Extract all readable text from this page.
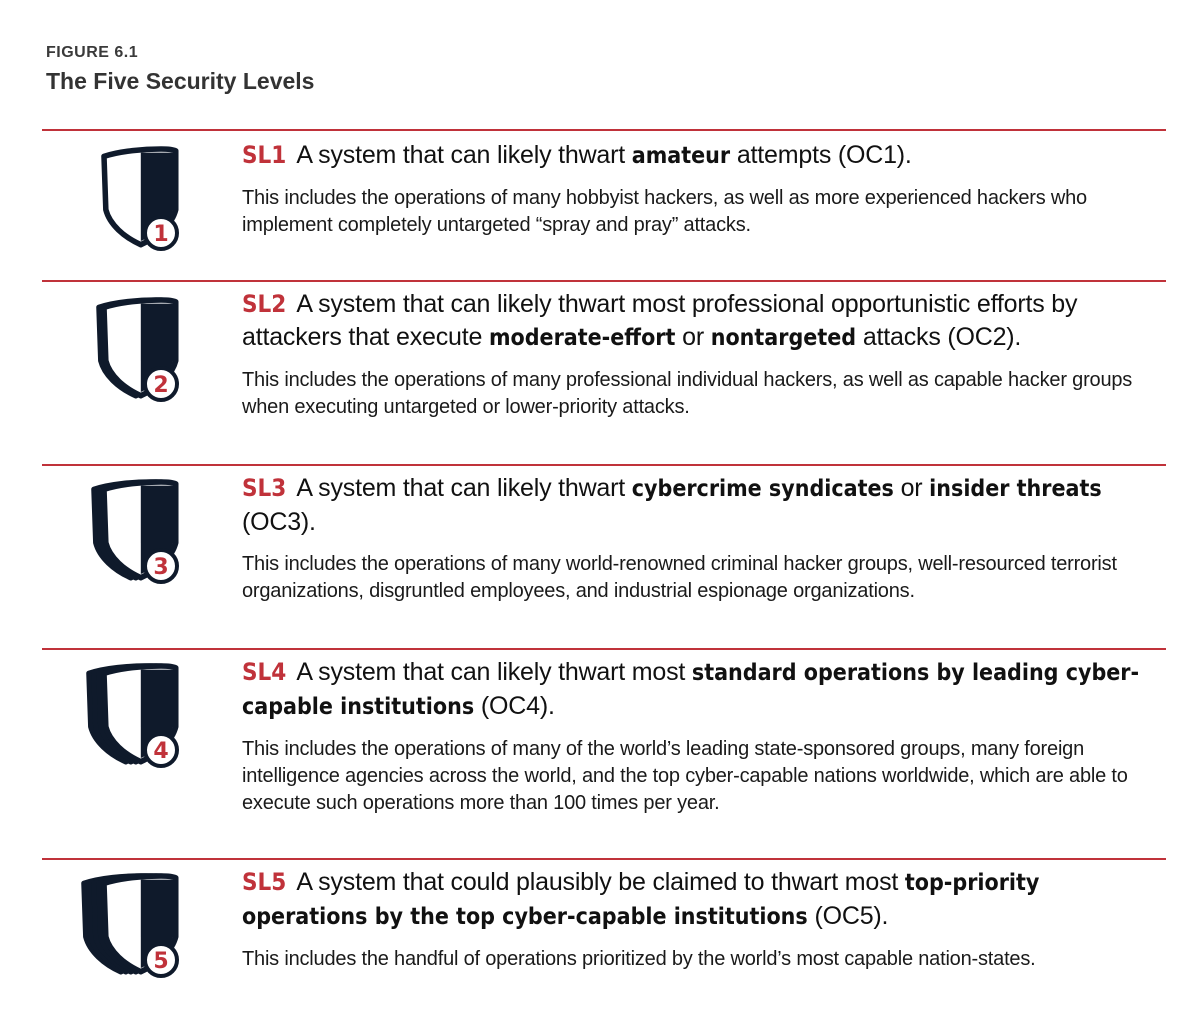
FIGURE 6.1
The Five Security Levels
1
SL1 A system that can likely thwart amateur attempts (OC1).
This includes the operations of many hobbyist hackers, as well as more experienced hackers who implement completely untargeted “spray and pray” attacks.
2
SL2 A system that can likely thwart most professional opportunistic efforts by attackers that execute moderate-effort or nontargeted attacks (OC2).
This includes the operations of many professional individual hackers, as well as capable hacker groups when executing untargeted or lower-priority attacks.
3
SL3 A system that can likely thwart cybercrime syndicates or insider threats (OC3).
This includes the operations of many world-renowned criminal hacker groups, well-resourced terrorist organizations, disgruntled employees, and industrial espionage organizations.
4
SL4 A system that can likely thwart most standard operations by leading cyber-capable institutions (OC4).
This includes the operations of many of the world’s leading state-sponsored groups, many foreign intelligence agencies across the world, and the top cyber-capable nations worldwide, which are able to execute such operations more than 100 times per year.
5
SL5 A system that could plausibly be claimed to thwart most top-priority operations by the top cyber-capable institutions (OC5).
This includes the handful of operations prioritized by the world’s most capable nation-states.
